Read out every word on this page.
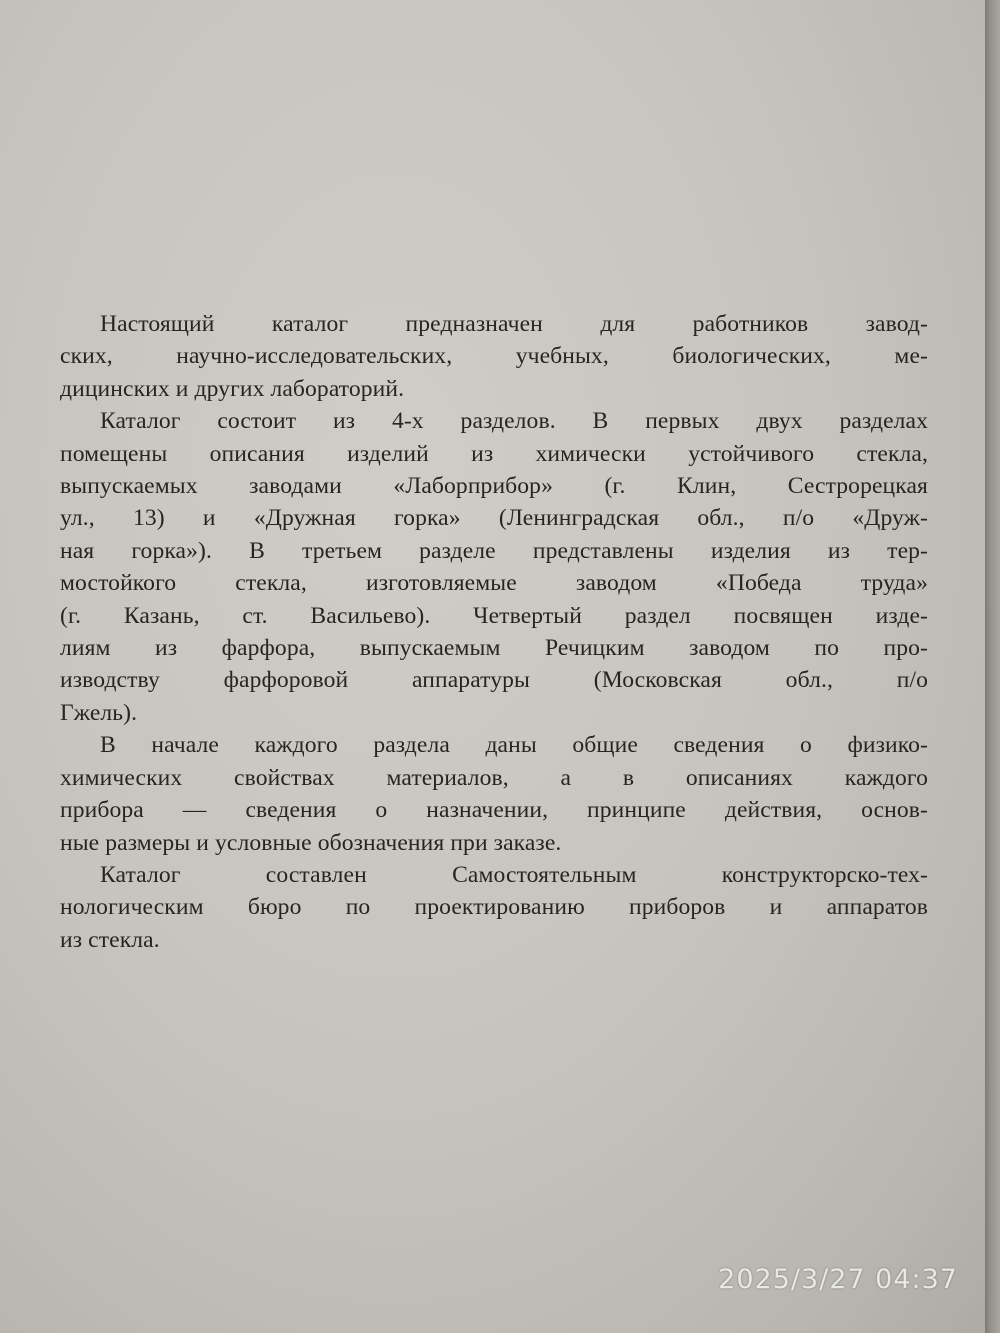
Настоящий каталог предназначен для работников завод-
ских, научно-исследовательских, учебных, биологических, ме-
дицинских и других лабораторий.

Каталог состоит из 4-х разделов. В первых двух разделах
помещены описания изделий из химически устойчивого стекла,
выпускаемых заводами «Лаборприбор» (г. Клин, Сестрорецкая
ул., 13) и «Дружная горка» (Ленинградская обл., п/о «Друж-
ная горка»). В третьем разделе представлены изделия из тер-
мостойкого стекла, изготовляемые заводом «Победа труда»
(г. Казань, ст. Васильево). Четвертый раздел посвящен изде-
лиям из фарфора, выпускаемым Речицким заводом по про-
изводству фарфоровой аппаратуры (Московская обл., п/о
Гжель).

В начале каждого раздела даны общие сведения о физико-
химических свойствах материалов, а в описаниях каждого
прибора — сведения о назначении, принципе действия, основ-
ные размеры и условные обозначения при заказе.

Каталог составлен Самостоятельным конструкторско-тех-
нологическим бюро по проектированию приборов и аппаратов
из стекла.

2025/3/27 04:37
